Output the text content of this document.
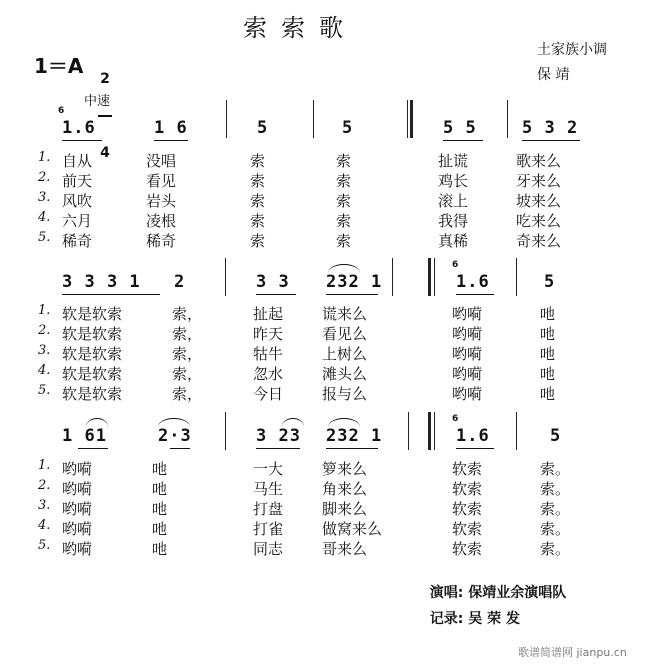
索索歌
土家族小调
保 靖
1＝A

2

4

中速
6
1.6	1 6	5	5	5 5	5 3 2
1. 自从	没唱	索	索	扯谎	歌来么
2. 前天	看见	索	索	鸡长	牙来么
3. 风吹	岩头	索	索	滚上	坡来么
4. 六月	凌根	索	索	我得	吃来么
5. 稀奇	稀奇	索	索	真稀	奇来么
3 3 3 1 2	3 3 232 1
6
1.6	5
1. 软是软索	索，	扯起	谎来么	哟嗬	吔
2. 软是软索	索，	昨天	看见么	哟嗬	吔
3. 软是软索	索，	牯牛	上树么	哟嗬	吔
4. 软是软索	索，	忽水	滩头么	哟嗬	吔
5. 软是软索	索，	今日	报与么	哟嗬	吔
1 61	2·3	3 23 232 1
6
1.6	5
1. 哟嗬	吔	一大	箩来么	软索	索。
2. 哟嗬	吔	马生	角来么	软索	索。
3. 哟嗬	吔	打盘	脚来么	软索	索。
4. 哟嗬	吔	打雀	做窝来么	软索	索。
5. 哟嗬	吔	同志	哥来么	软索	索。

演唱: 保靖业余演唱队

记录: 吴 荣 发

歌谱简谱网 jianpu.cn
